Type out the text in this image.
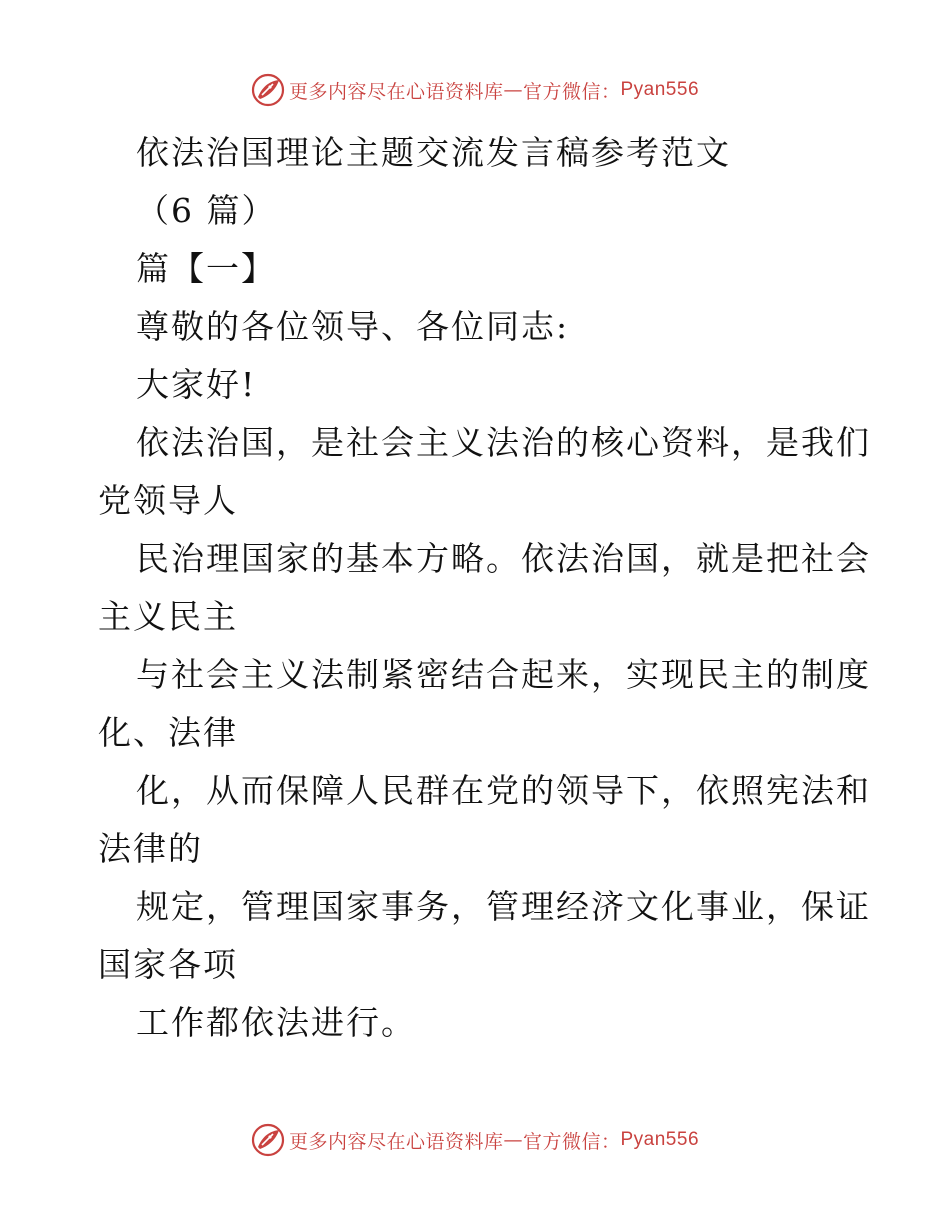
更多内容尽在心语资料库 — 官方微信： Pyan556
依法治国理论主题交流发言稿参考范文
（6 篇）
篇【一】
尊敬的各位领导、各位同志:
大家好!
依法治国，是社会主义法治的核心资料，是我们
党领导人
民治理国家的基本方略。依法治国，就是把社会
主义民主
与社会主义法制紧密结合起来，实现民主的制度
化、法律
化，从而保障人民群在党的领导下，依照宪法和
法律的
规定，管理国家事务，管理经济文化事业，保证
国家各项
工作都依法进行。
更多内容尽在心语资料库 — 官方微信： Pyan556
